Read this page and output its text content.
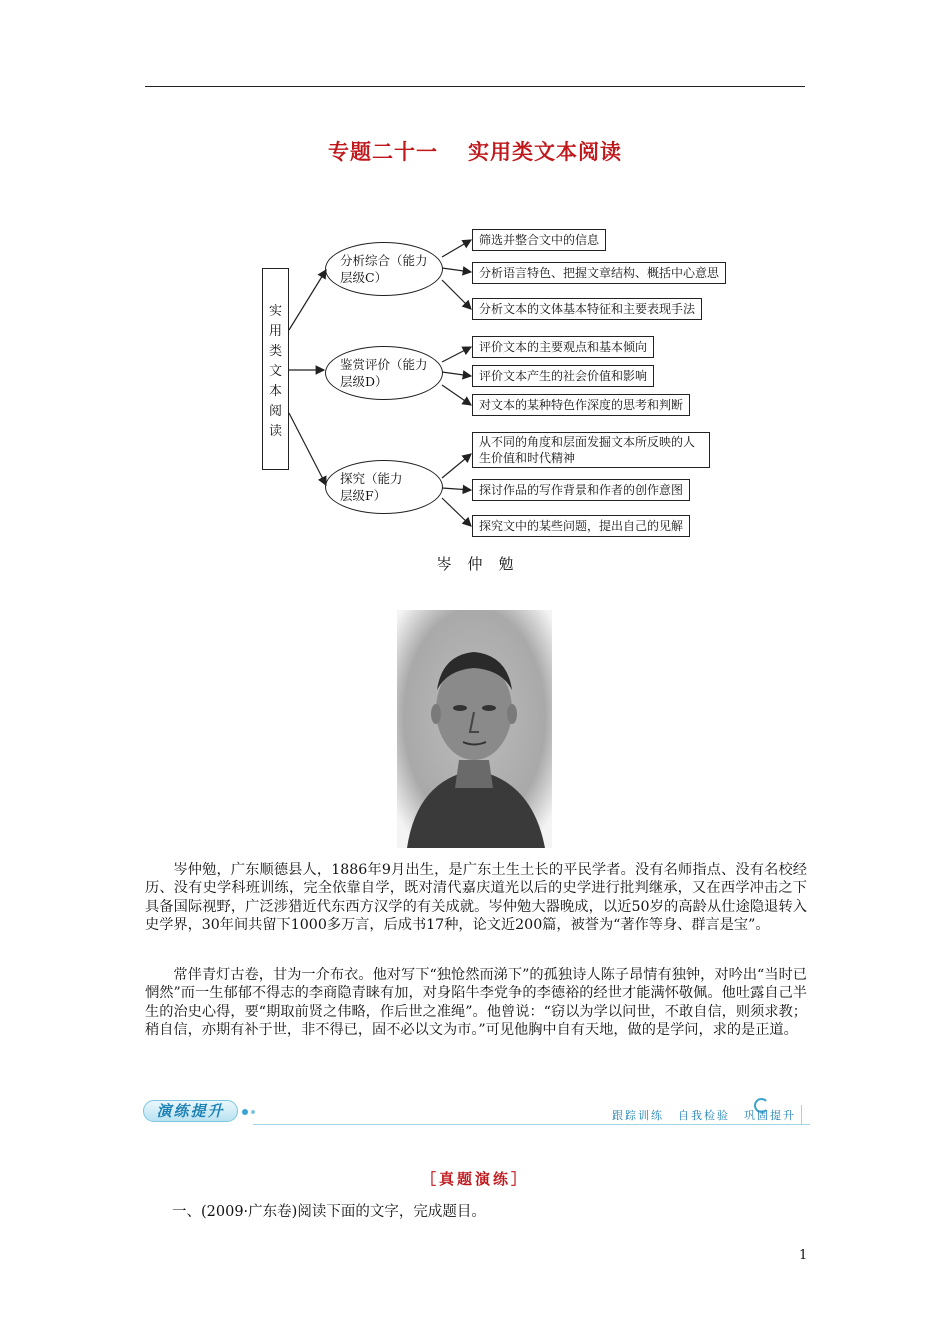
专题二十一 实用类文本阅读
实
用
类
文
本
阅
读
分析综合（能力
层级C）
鉴赏评价（能力
层级D）
探究（能力
层级F）
筛选并整合文中的信息
分析语言特色、把握文章结构、概括中心意思
分析文本的文体基本特征和主要表现手法
评价文本的主要观点和基本倾向
评价文本产生的社会价值和影响
对文本的某种特色作深度的思考和判断
从不同的角度和层面发掘文本所反映的人生价值和时代精神
探讨作品的写作背景和作者的创作意图
探究文中的某些问题，提出自己的见解
岑 仲 勉

岑仲勉，广东顺德县人，1886年9月出生，是广东土生土长的平民学者。没有名师指点、没有名校经历、没有史学科班训练，完全依靠自学，既对清代嘉庆道光以后的史学进行批判继承，又在西学冲击之下具备国际视野，广泛涉猎近代东西方汉学的有关成就。岑仲勉大器晚成，以近50岁的高龄从仕途隐退转入史学界，30年间共留下1000多万言，后成书17种，论文近200篇，被誉为“著作等身、群言是宝”。

常伴青灯古卷，甘为一介布衣。他对写下“独怆然而涕下”的孤独诗人陈子昂情有独钟，对吟出“当时已惘然”而一生郁郁不得志的李商隐青睐有加，对身陷牛李党争的李德裕的经世才能满怀敬佩。他吐露自己半生的治史心得，要“期取前贤之伟略，作后世之准绳”。他曾说：“窃以为学以问世，不敢自信，则须求教；稍自信，亦期有补于世，非不得已，固不必以文为市。”可见他胸中自有天地，做的是学问，求的是正道。

演练提升	跟踪训练 自我检验 巩固提升
［真题演练］
一、(2009·广东卷)阅读下面的文字，完成题目。
1
